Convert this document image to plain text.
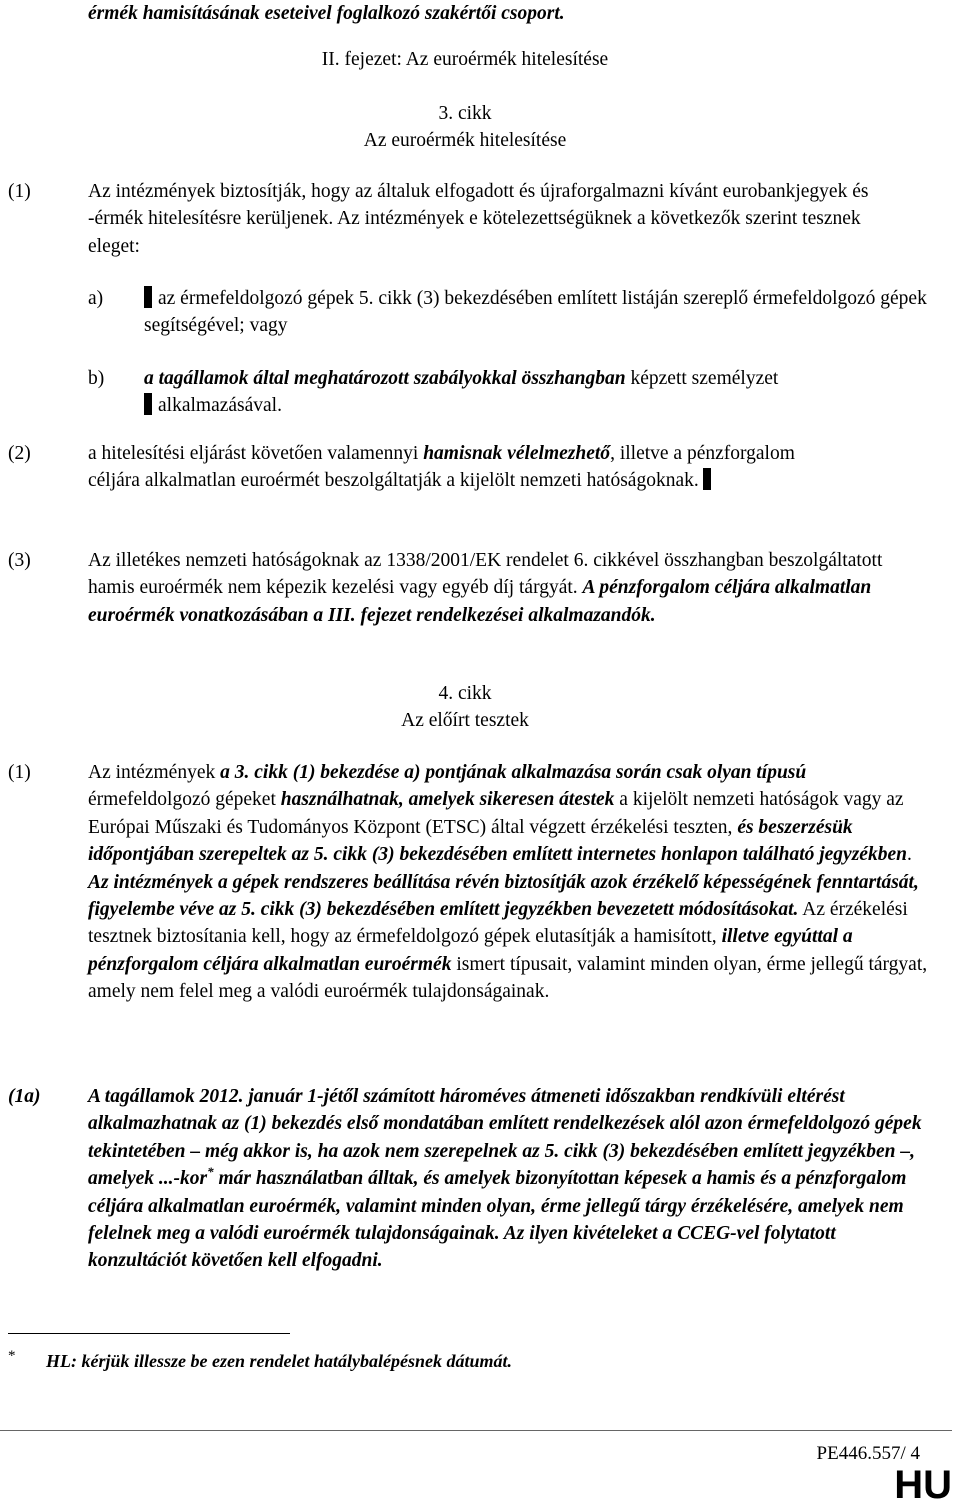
érmék hamisításának eseteivel foglalkozó szakértői csoport.
II. fejezet: Az euroérmék hitelesítése
3. cikk
Az euroérmék hitelesítése
(1)	Az intézmények biztosítják, hogy az általuk elfogadott és újraforgalmazni kívánt eurobankjegyek és -érmék hitelesítésre kerüljenek. Az intézmények e kötelezettségüknek a következők szerint tesznek eleget:
a)	az érmefeldolgozó gépek 5. cikk (3) bekezdésében említett listáján szereplő érmefeldolgozó gépek segítségével; vagy
b) a tagállamok által meghatározott szabályokkal összhangban képzett személyzet
alkalmazásával.
(2)	a hitelesítési eljárást követően valamennyi hamisnak vélelmezhető, illetve a pénzforgalom céljára alkalmatlan euroérmét beszolgáltatják a kijelölt nemzeti hatóságoknak.
(3)	Az illetékes nemzeti hatóságoknak az 1338/2001/EK rendelet 6. cikkével összhangban beszolgáltatott hamis euroérmék nem képezik kezelési vagy egyéb díj tárgyát. A pénzforgalom céljára alkalmatlan euroérmék vonatkozásában a III. fejezet rendelkezései alkalmazandók.
4. cikk
Az előírt tesztek
(1)	Az intézmények a 3. cikk (1) bekezdése a) pontjának alkalmazása során csak olyan típusú érmefeldolgozó gépeket használhatnak, amelyek sikeresen átestek a kijelölt nemzeti hatóságok vagy az Európai Műszaki és Tudományos Központ (ETSC) által végzett érzékelési teszten, és beszerzésük időpontjában szerepeltek az 5. cikk (3) bekezdésében említett internetes honlapon található jegyzékben. Az intézmények a gépek rendszeres beállítása révén biztosítják azok érzékelő képességének fenntartását, figyelembe véve az 5. cikk (3) bekezdésében említett jegyzékben bevezetett módosításokat. Az érzékelési tesztnek biztosítania kell, hogy az érmefeldolgozó gépek elutasítják a hamisított, illetve egyúttal a pénzforgalom céljára alkalmatlan euroérmék ismert típusait, valamint minden olyan, érme jellegű tárgyat, amely nem felel meg a valódi euroérmék tulajdonságainak.
(1a) A tagállamok 2012. január 1-jétől számított hároméves átmeneti időszakban rendkívüli eltérést alkalmazhatnak az (1) bekezdés első mondatában említett rendelkezések alól azon érmefeldolgozó gépek tekintetében – még akkor is, ha azok nem szerepelnek az 5. cikk (3) bekezdésében említett jegyzékben –, amelyek ...-kor* már használatban álltak, és amelyek bizonyítottan képesek a hamis és a pénzforgalom céljára alkalmatlan euroérmék, valamint minden olyan, érme jellegű tárgy érzékelésére, amelyek nem felelnek meg a valódi euroérmék tulajdonságainak. Az ilyen kivételeket a CCEG-vel folytatott konzultációt követően kell elfogadni.
* HL: kérjük illessze be ezen rendelet hatálybalépésnek dátumát.
PE446.557/ 4
HU
